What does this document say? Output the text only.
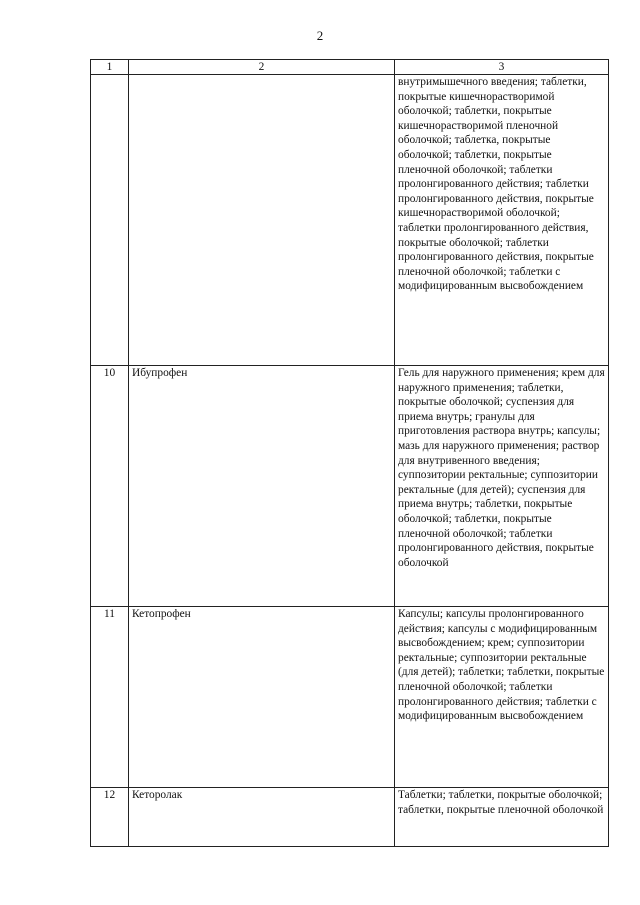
2
1	2	3
		внутримышечного введения; таблетки, покрытые кишечнорастворимой оболочкой; таблетки, покрытые кишечнорастворимой пленочной оболочкой; таблетка, покрытые оболочкой; таблетки, покрытые пленочной оболочкой; таблетки пролонгированного действия; таблетки пролонгированного действия, покрытые кишечнорастворимой оболочкой; таблетки пролонгированного действия, покрытые оболочкой; таблетки пролонгированного действия, покрытые пленочной оболочкой; таблетки с модифицированным высвобождением
10	Ибупрофен	Гель для наружного применения; крем для наружного применения; таблетки, покрытые оболочкой; суспензия для приема внутрь; гранулы для приготовления раствора внутрь; капсулы; мазь для наружного применения; раствор для внутривенного введения; суппозитории ректальные; суппозитории ректальные (для детей); суспензия для приема внутрь; таблетки, покрытые оболочкой; таблетки, покрытые пленочной оболочкой; таблетки пролонгированного действия, покрытые оболочкой
11	Кетопрофен	Капсулы; капсулы пролонгированного действия; капсулы с модифицированным высвобождением; крем; суппозитории ректальные; суппозитории ректальные (для детей); таблетки; таблетки, покрытые пленочной оболочкой; таблетки пролонгированного действия; таблетки с модифицированным высвобождением
12	Кеторолак	Таблетки; таблетки, покрытые оболочкой; таблетки, покрытые пленочной оболочкой
